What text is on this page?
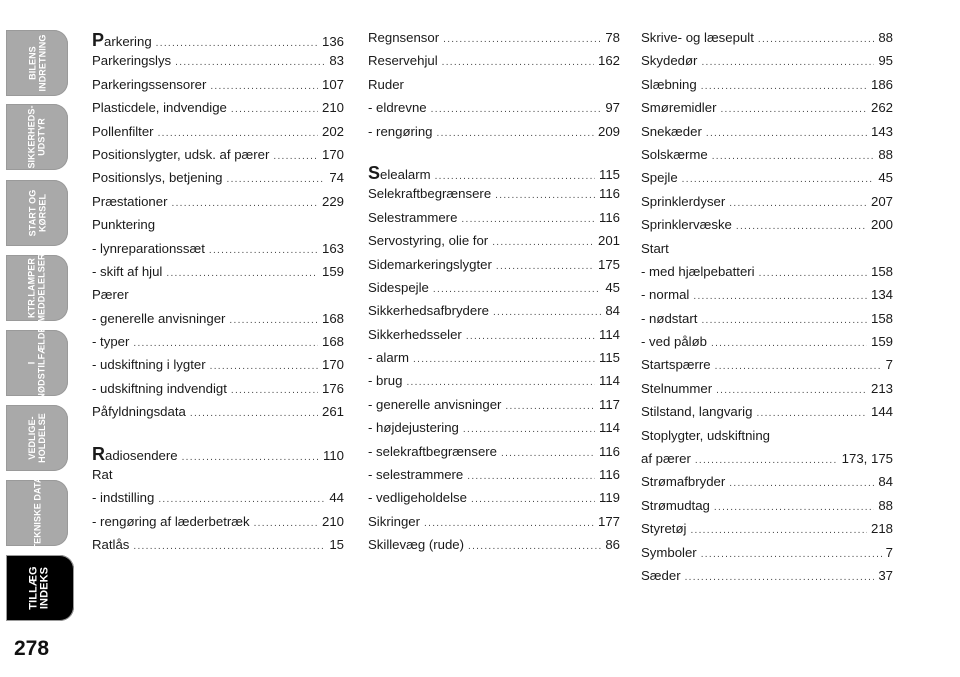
BILENS INDRETNING
SIKKERHEDS- UDSTYR
START OG KØRSEL
KTR.LAMPER MEDDELELSER
I NØDSTILFÆLDE
VEDLIGE- HOLDELSE
TEKNISKE DATA
TILLÆG INDEKS
278
Parkering .....	136
Parkeringslys .....	83
Parkeringssensorer .....	107
Plasticdele, indvendige .....	210
Pollenfilter .....	202
Positionslygter, udsk. af pærer .....	170
Positionslys, betjening .....	74
Præstationer .....	229
Punktering
- lynreparationssæt .....	163
- skift af hjul .....	159
Pærer
- generelle anvisninger .....	168
- typer .....	168
- udskiftning i lygter .....	170
- udskiftning indvendigt .....	176
Påfyldningsdata .....	261
Radiosendere .....	110
Rat
- indstilling .....	44
- rengøring af læderbetræk .....	210
Ratlås .....	15
Regnsensor .....	78
Reservehjul .....	162
Ruder
- eldrevne .....	97
- rengøring .....	209
Selealarm .....	115
Selekraftbegrænsere .....	116
Selestrammere .....	116
Servostyring, olie for .....	201
Sidemarkeringslygter .....	175
Sidespejle .....	45
Sikkerhedsafbrydere .....	84
Sikkerhedsseler .....	114
- alarm .....	115
- brug .....	114
- generelle anvisninger .....	117
- højdejustering .....	114
- selekraftbegrænsere .....	116
- selestrammere .....	116
- vedligeholdelse .....	119
Sikringer .....	177
Skillevæg (rude) .....	86
Skrive- og læsepult .....	88
Skydedør .....	95
Slæbning .....	186
Smøremidler .....	262
Snekæder .....	143
Solskærme .....	88
Spejle .....	45
Sprinklerdyser .....	207
Sprinklervæske .....	200
Start
- med hjælpebatteri .....	158
- normal .....	134
- nødstart .....	158
- ved påløb .....	159
Startspærre .....	7
Stelnummer .....	213
Stilstand, langvarig .....	144
Stoplygter, udskiftning
af pærer .....	173, 175
Strømafbryder .....	84
Strømudtag .....	88
Styretøj .....	218
Symboler .....	7
Sæder .....	37
